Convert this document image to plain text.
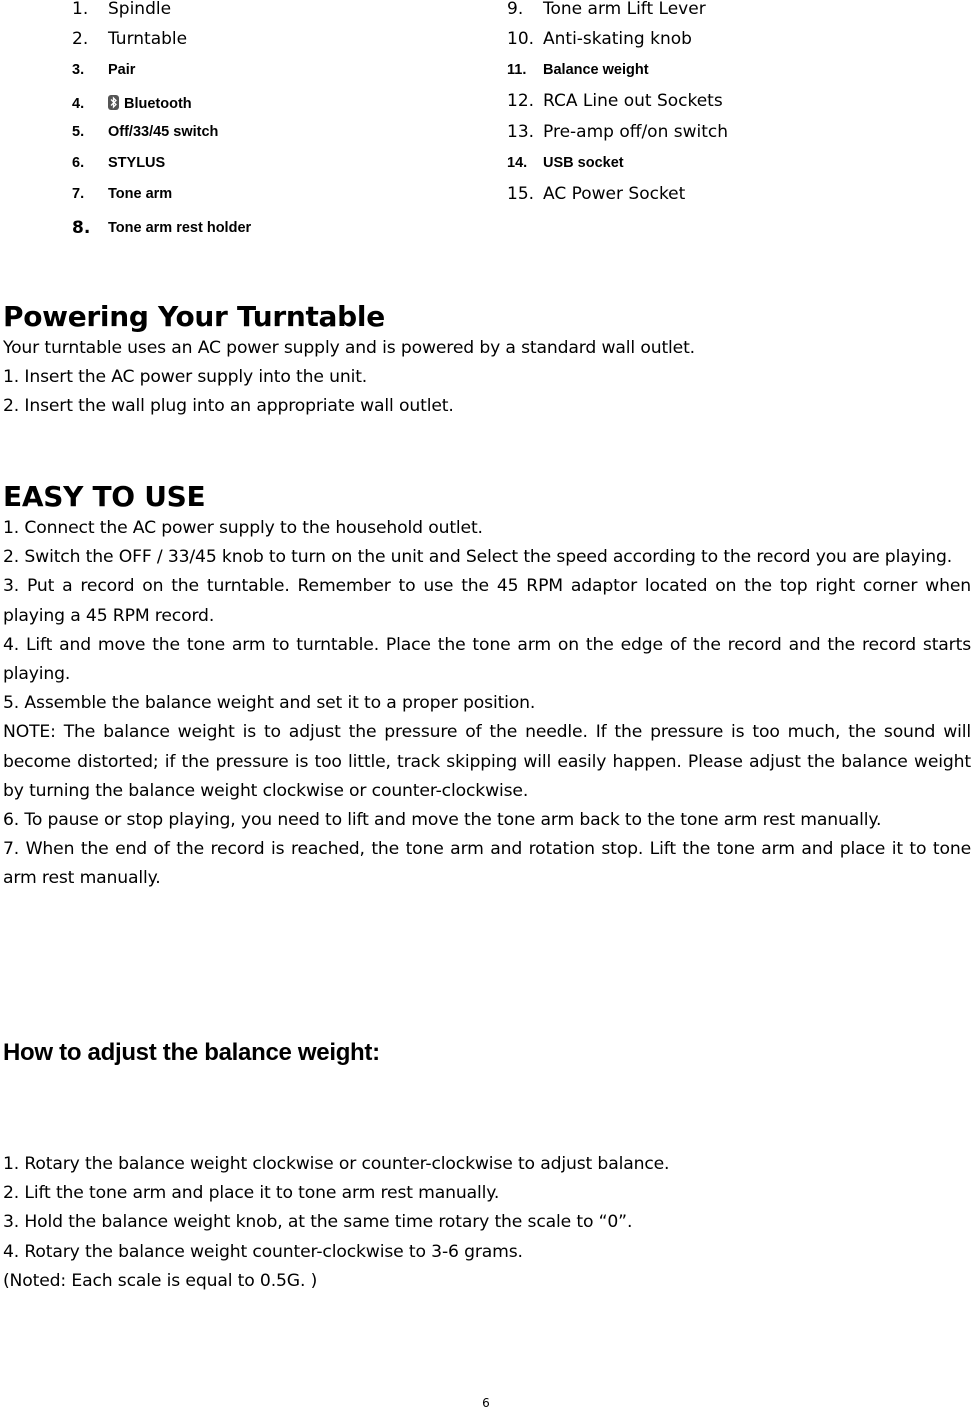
1. Spindle
2. Turntable
3. Pair
4.	Bluetooth
5. Off/33/45 switch
6. STYLUS
7. Tone arm
8. Tone arm rest holder
9. Tone arm Lift Lever
10. Anti-skating knob
11. Balance weight
12. RCA Line out Sockets
13. Pre-amp off/on switch
14. USB socket
15. AC Power Socket
Powering Your Turntable

Your turntable uses an AC power supply and is powered by a standard wall outlet.

1. Insert the AC power supply into the unit.

2. Insert the wall plug into an appropriate wall outlet.

EASY TO USE

1. Connect the AC power supply to the household outlet.

2. Switch the OFF / 33/45 knob to turn on the unit and Select the speed according to the record you are playing.

3. Put a record on the turntable. Remember to use the 45 RPM adaptor located on the top right corner when playing a 45 RPM record.

4. Lift and move the tone arm to turntable. Place the tone arm on the edge of the record and the record starts playing.

5. Assemble the balance weight and set it to a proper position.

NOTE: The balance weight is to adjust the pressure of the needle. If the pressure is too much, the sound will become distorted; if the pressure is too little, track skipping will easily happen. Please adjust the balance weight by turning the balance weight clockwise or counter-clockwise.

6. To pause or stop playing, you need to lift and move the tone arm back to the tone arm rest manually.

7. When the end of the record is reached, the tone arm and rotation stop. Lift the tone arm and place it to tone arm rest manually.

How to adjust the balance weight:

1. Rotary the balance weight clockwise or counter-clockwise to adjust balance.

2. Lift the tone arm and place it to tone arm rest manually.

3. Hold the balance weight knob, at the same time rotary the scale to “0”.

4. Rotary the balance weight counter-clockwise to 3-6 grams.

(Noted: Each scale is equal to 0.5G. )

6
